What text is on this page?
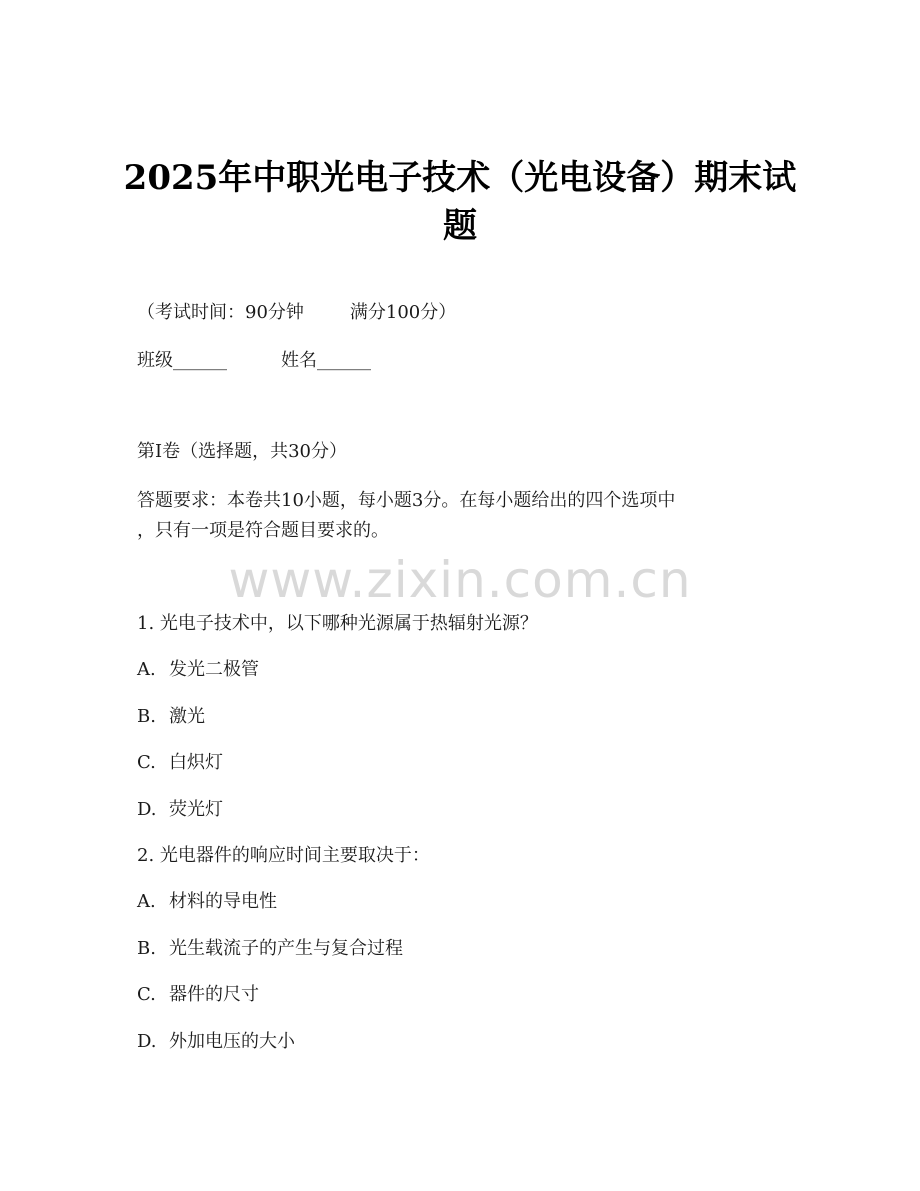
2025年中职光电子技术（光电设备）期末试
题
（考试时间：90分钟	满分100分）
班级______	姓名______
第I卷（选择题，共30分）
答题要求：本卷共10小题，每小题3分。在每小题给出的四个选项中
，只有一项是符合题目要求的。
www.zixin.com.cn
1. 光电子技术中，以下哪种光源属于热辐射光源？
A. 发光二极管
B. 激光
C. 白炽灯
D. 荧光灯
2. 光电器件的响应时间主要取决于：
A. 材料的导电性
B. 光生载流子的产生与复合过程
C. 器件的尺寸
D. 外加电压的大小
